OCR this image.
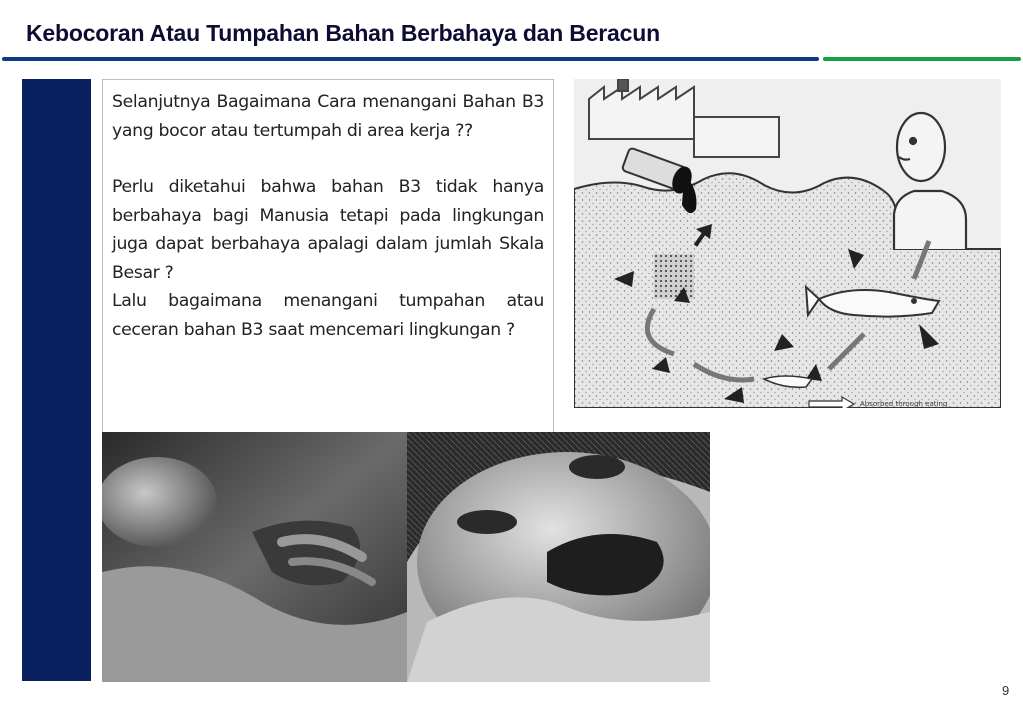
Kebocoran Atau Tumpahan Bahan Berbahaya dan Beracun

Selanjutnya Bagaimana Cara menangani Bahan B3 yang bocor atau tertumpah di area kerja ??

Perlu diketahui bahwa bahan B3 tidak hanya berbahaya bagi Manusia tetapi pada lingkungan juga dapat berbahaya apalagi dalam jumlah Skala Besar ?

Lalu bagaimana menangani tumpahan atau ceceran bahan B3 saat mencemari lingkungan ?

Absorbed through eating
9
